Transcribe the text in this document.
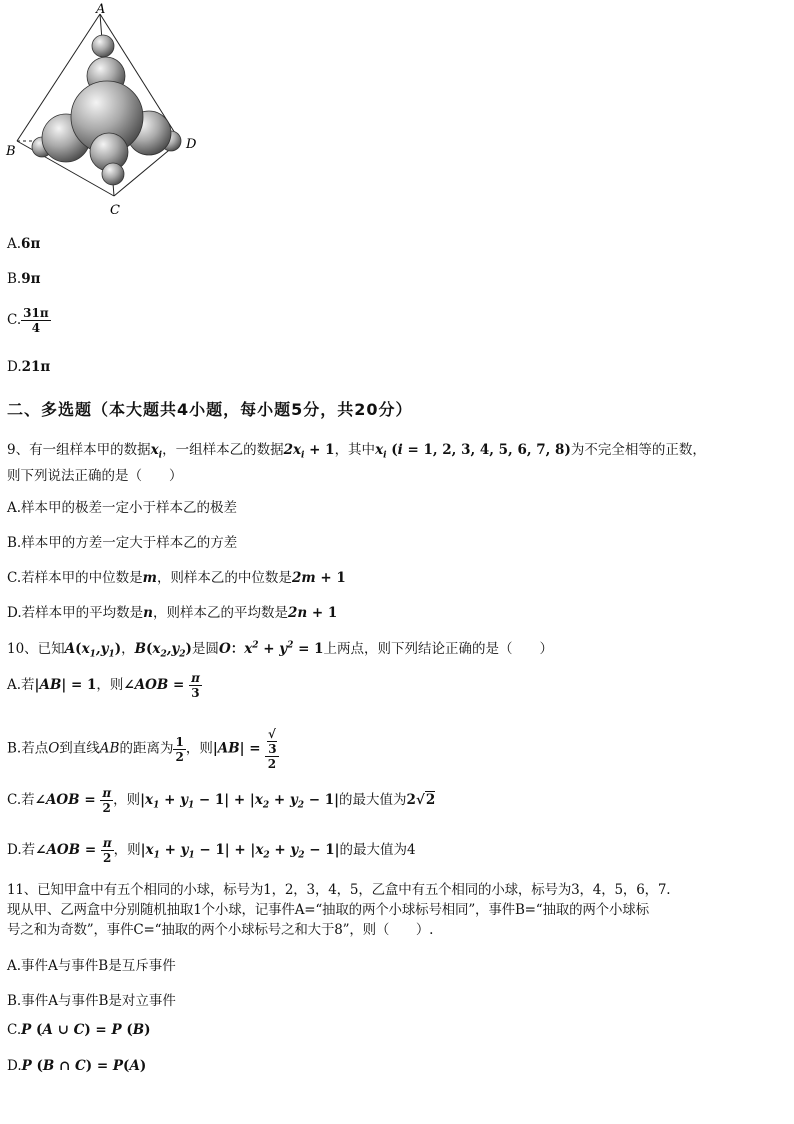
A
B
C
D
A.6π
B.9π
C. $\frac{31\pi}{4}$
D.21π
二、多选题（本大题共4小题，每小题5分，共20分）
9、有一组样本甲的数据$x_i$，一组样本乙的数据$2x_i + 1$，其中$x_i$ (i = 1, 2, 3, 4, 5, 6, 7, 8)为不完全相等的正数，
则下列说法正确的是（　　）
A.样本甲的极差一定小于样本乙的极差
B.样本甲的方差一定大于样本乙的方差
C.若样本甲的中位数是m，则样本乙的中位数是2m + 1
D.若样本甲的平均数是n，则样本乙的平均数是2n + 1
10、已知$A(x_1,y_1)$，$B(x_2,y_2)$是圆O：$x^2 + y^2 = 1$上两点，则下列结论正确的是（　　）
A.若|AB| = 1，则∠AOB = $\frac{\pi}{3}$
B.若点O到直线AB的距离为 $\frac{1}{2}$ ，则|AB| = √
3
2
C.若∠AOB = $\frac{\pi}{2}$ ，则$|x_1 + y_1 - 1| + |x_2 + y_2 - 1|$的最大值为2√2
D.若∠AOB = $\frac{\pi}{2}$ ，则$|x_1 + y_1 - 1| + |x_2 + y_2 - 1|$的最大值为4
11、已知甲盒中有五个相同的小球，标号为1，2，3，4，5，乙盒中有五个相同的小球，标号为3，4，5，6，7.
现从甲、乙两盒中分别随机抽取1个小球，记事件A=“抽取的两个小球标号相同”，事件B=“抽取的两个小球标
号之和为奇数”，事件C=“抽取的两个小球标号之和大于8”，则（　　）.
A.事件A与事件B是互斥事件
B.事件A与事件B是对立事件
C.P (A ∪ C) = P (B)
D.P (B ∩ C) = P(A)
